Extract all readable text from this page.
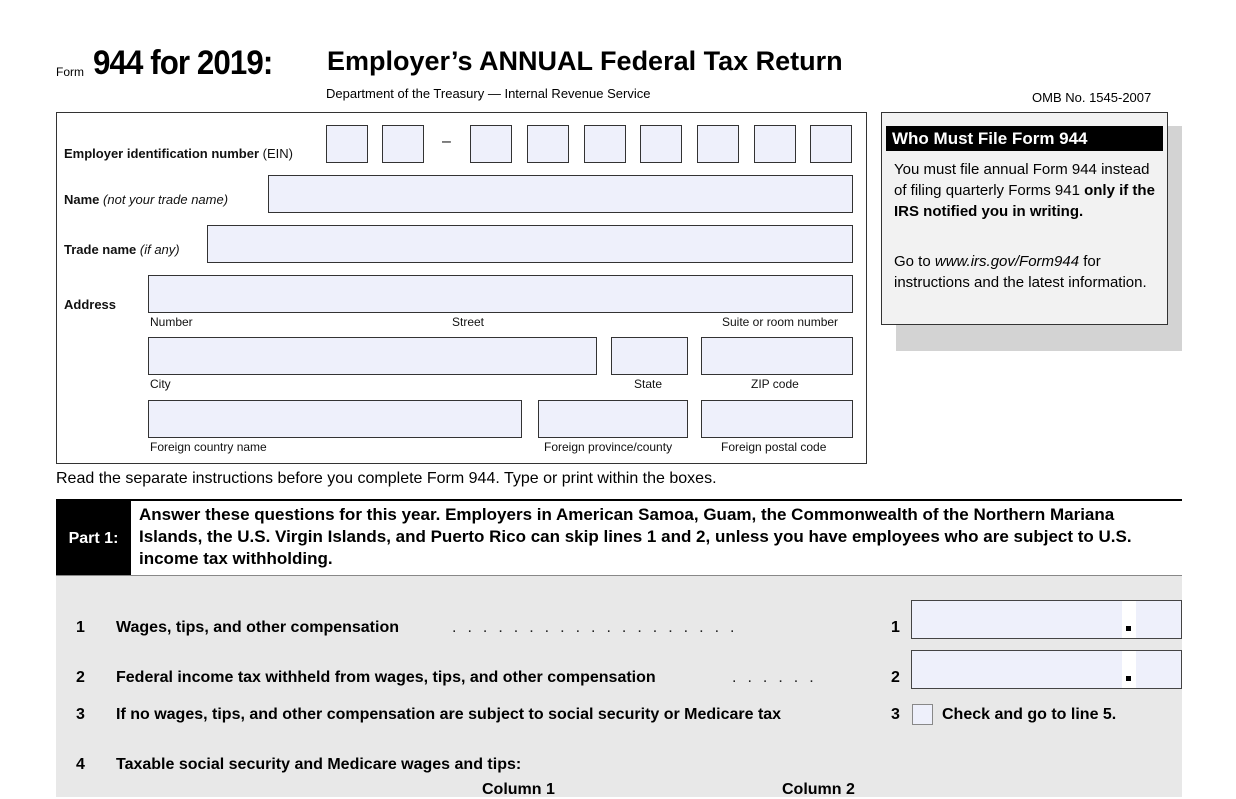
Form 944 for 2019: Employer’s ANNUAL Federal Tax Return
Department of the Treasury — Internal Revenue Service	OMB No. 1545-2007
Employer identification number (EIN)
–
Name (not your trade name)
Trade name (if any)
Address
Number	Street	Suite or room number
City	State	ZIP code
Foreign country name	Foreign province/county	Foreign postal code
Who Must File Form 944
You must file annual Form 944 instead of filing quarterly Forms 941 only if the IRS notified you in writing.
Go to www.irs.gov/Form944 for instructions and the latest information.
Read the separate instructions before you complete Form 944. Type or print within the boxes.
Part 1:
Answer these questions for this year. Employers in American Samoa, Guam, the Commonwealth of the Northern Mariana Islands, the U.S. Virgin Islands, and Puerto Rico can skip lines 1 and 2, unless you have employees who are subject to U.S. income tax withholding.
1 Wages, tips, and other compensation	...................	1
2 Federal income tax withheld from wages, tips, and other compensation	......	2
3 If no wages, tips, and other compensation are subject to social security or Medicare tax	3	Check and go to line 5.
4 Taxable social security and Medicare wages and tips:
Column 1	Column 2
